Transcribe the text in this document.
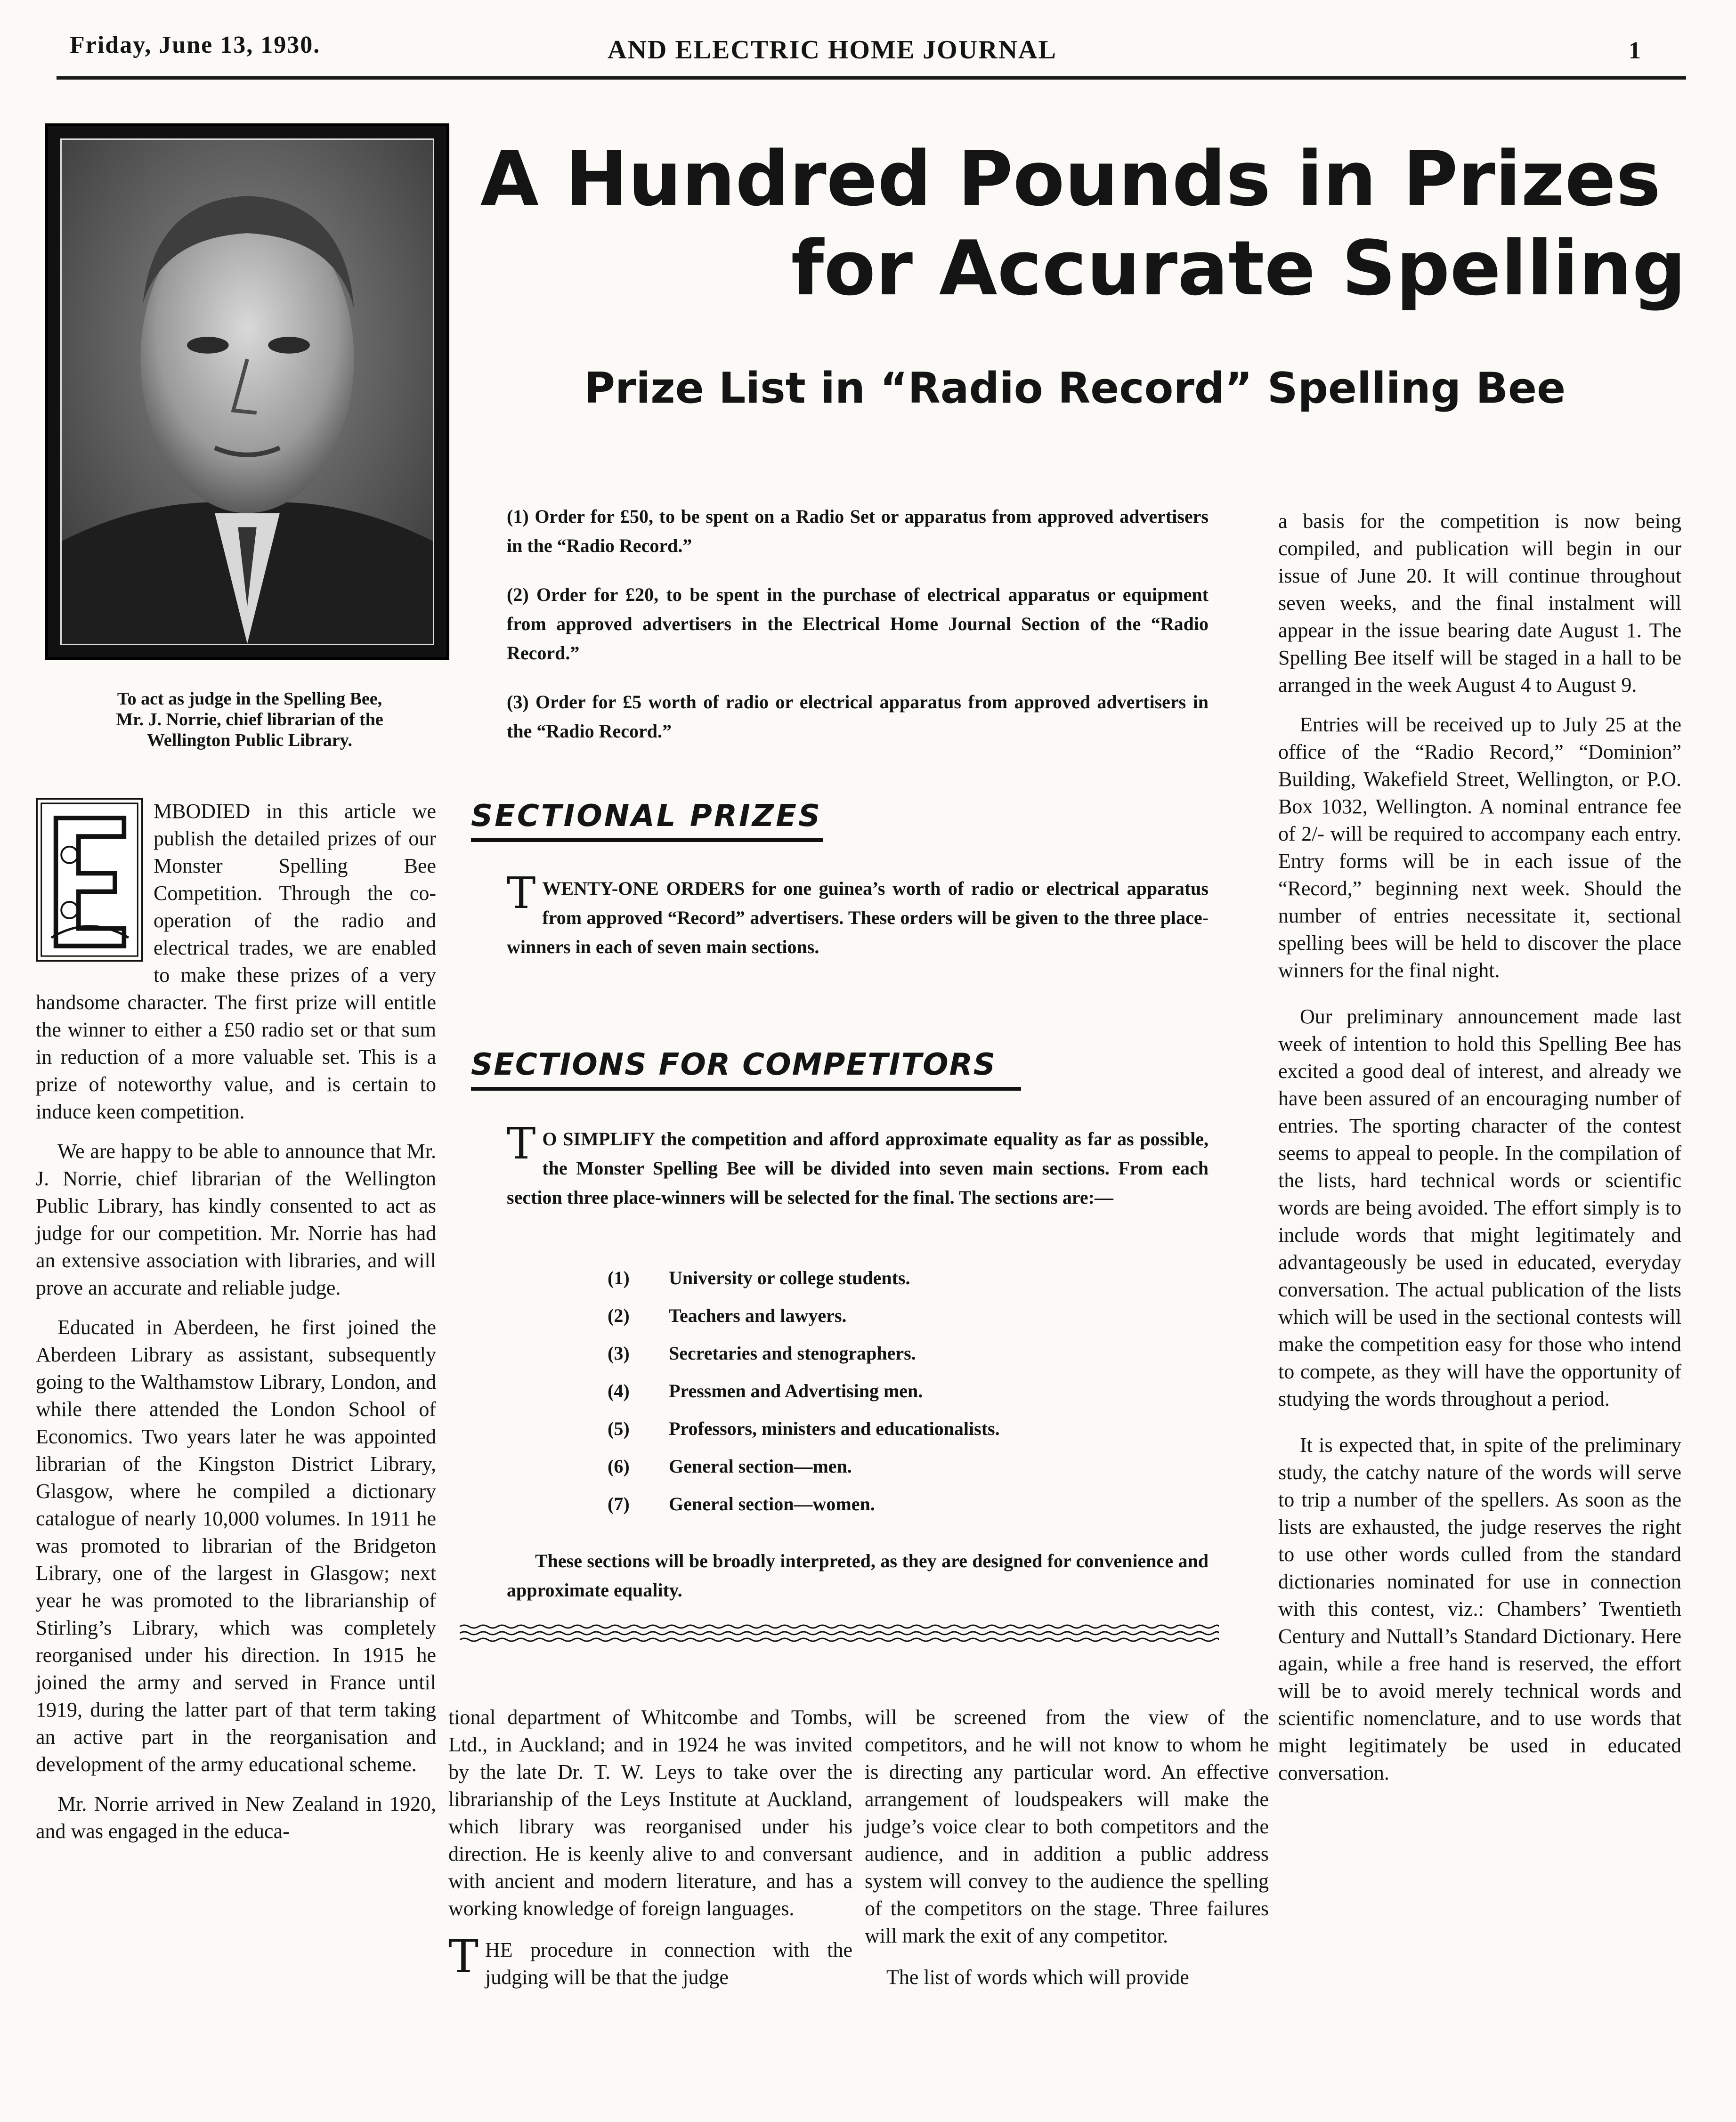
Friday, June 13, 1930.	AND ELECTRIC HOME JOURNAL	1
To act as judge in the Spelling Bee,
Mr. J. Norrie, chief librarian of the
Wellington Public Library.
A Hundred Pounds in Prizes
for Accurate Spelling
Prize List in “Radio Record” Spelling Bee
(1) Order for £50, to be spent on a Radio Set or apparatus from approved advertisers in the “Radio Record.”
(2) Order for £20, to be spent in the purchase of electrical apparatus or equipment from approved advertisers in the Electrical Home Journal Section of the “Radio Record.”
(3) Order for £5 worth of radio or electrical apparatus from approved advertisers in the “Radio Record.”
SECTIONAL PRIZES
TWENTY-ONE ORDERS for one guinea’s worth of radio or electrical apparatus from approved “Record” advertisers. These orders will be given to the three place-winners in each of seven main sections.
SECTIONS FOR COMPETITORS
T O SIMPLIFY the competition and afford approximate equality as far as possible, the Monster Spelling Bee will be divided into seven main sections. From each section three place-winners will be selected for the final. The sections are:—
(1)	University or college students.
(2)	Teachers and lawyers.
(3)	Secretaries and stenographers.
(4)	Pressmen and Advertising men.
(5)	Professors, ministers and educationalists.
(6)	General section—men.
(7)	General section—women.
These sections will be broadly interpreted, as they are designed for convenience and approximate equality.

MBODIED in this article we publish the detailed prizes of our Monster Spelling Bee Competition. Through the co-operation of the radio and electrical trades, we are enabled to make these prizes of a very handsome character. The first prize will entitle the winner to either a £50 radio set or that sum in reduction of a more valuable set. This is a prize of noteworthy value, and is certain to induce keen competition.

We are happy to be able to announce that Mr. J. Norrie, chief librarian of the Wellington Public Library, has kindly consented to act as judge for our competition. Mr. Norrie has had an extensive association with libraries, and will prove an accurate and reliable judge.

Educated in Aberdeen, he first joined the Aberdeen Library as assistant, subsequently going to the Walthamstow Library, London, and while there attended the London School of Economics. Two years later he was appointed librarian of the Kingston District Library, Glasgow, where he compiled a dictionary catalogue of nearly 10,000 volumes. In 1911 he was promoted to librarian of the Bridgeton Library, one of the largest in Glasgow; next year he was promoted to the librarianship of Stirling’s Library, which was completely reorganised under his direction. In 1915 he joined the army and served in France until 1919, during the latter part of that term taking an active part in the reorganisation and development of the army educational scheme.

Mr. Norrie arrived in New Zealand in 1920, and was engaged in the educa-

tional department of Whitcombe and Tombs, Ltd., in Auckland; and in 1924 he was invited by the late Dr. T. W. Leys to take over the librarianship of the Leys Institute at Auckland, which library was reorganised under his direction. He is keenly alive to and conversant with ancient and modern literature, and has a working knowledge of foreign languages.

THE procedure in connection with the judging will be that the judge

will be screened from the view of the competitors, and he will not know to whom he is directing any particular word. An effective arrangement of loudspeakers will make the judge’s voice clear to both competitors and the audience, and in addition a public address system will convey to the audience the spelling of the competitors on the stage. Three failures will mark the exit of any competitor.

The list of words which will provide

a basis for the competition is now being compiled, and publication will begin in our issue of June 20. It will continue throughout seven weeks, and the final instalment will appear in the issue bearing date August 1. The Spelling Bee itself will be staged in a hall to be arranged in the week August 4 to August 9.

Entries will be received up to July 25 at the office of the “Radio Record,” “Dominion” Building, Wakefield Street, Wellington, or P.O. Box 1032, Wellington. A nominal entrance fee of 2/- will be required to accompany each entry. Entry forms will be in each issue of the “Record,” beginning next week. Should the number of entries necessitate it, sectional spelling bees will be held to discover the place winners for the final night.

Our preliminary announcement made last week of intention to hold this Spelling Bee has excited a good deal of interest, and already we have been assured of an encouraging number of entries. The sporting character of the contest seems to appeal to people. In the compilation of the lists, hard technical words or scientific words are being avoided. The effort simply is to include words that might legitimately and advantageously be used in educated, everyday conversation. The actual publication of the lists which will be used in the sectional contests will make the competition easy for those who intend to compete, as they will have the opportunity of studying the words throughout a period.

It is expected that, in spite of the preliminary study, the catchy nature of the words will serve to trip a number of the spellers. As soon as the lists are exhausted, the judge reserves the right to use other words culled from the standard dictionaries nominated for use in connection with this contest, viz.: Chambers’ Twentieth Century and Nuttall’s Standard Dictionary. Here again, while a free hand is reserved, the effort will be to avoid merely technical words and scientific nomenclature, and to use words that might legitimately be used in educated conversation.
